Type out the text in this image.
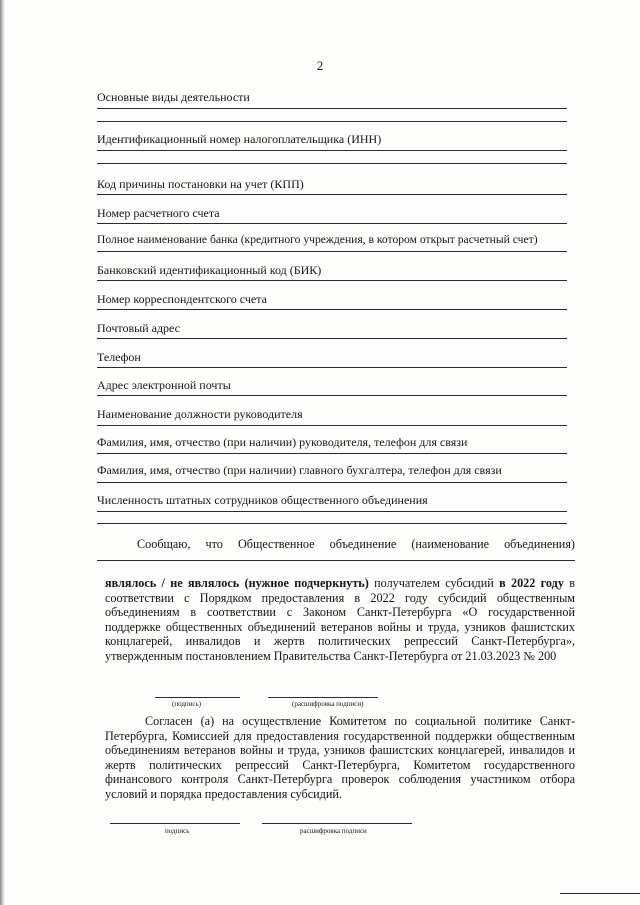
2
Основные виды деятельности
Идентификационный номер налогоплательщика (ИНН)
Код причины постановки на учет (КПП)
Номер расчетного счета
Полное наименование банка (кредитного учреждения, в котором открыт расчетный счет)
Банковский идентификационный код (БИК)
Номер корреспондентского счета
Почтовый адрес
Телефон
Адрес электронной почты
Наименование должности руководителя
Фамилия, имя, отчество (при наличии) руководителя, телефон для связи
Фамилия, имя, отчество (при наличии) главного бухгалтера, телефон для связи
Численность штатных сотрудников общественного объединения
Сообщаю, что Общественное объединение (наименование объединения)
являлось / не являлось (нужное подчеркнуть) получателем субсидий в 2022 году в соответствии с Порядком предоставления в 2022 году субсидий общественным объединениям в соответствии с Законом Санкт-Петербурга «О государственной поддержке общественных объединений ветеранов войны и труда, узников фашистских концлагерей, инвалидов и жертв политических репрессий Санкт-Петербурга», утвержденным постановлением Правительства Санкт-Петербурга от 21.03.2023 № 200
(подпись)	(расшифровка подписи)
Согласен (а) на осуществление Комитетом по социальной политике Санкт-Петербурга, Комиссией для предоставления государственной поддержки общественным объединениям ветеранов войны и труда, узников фашистских концлагерей, инвалидов и жертв политических репрессий Санкт-Петербурга, Комитетом государственного финансового контроля Санкт-Петербурга проверок соблюдения участником отбора условий и порядка предоставления субсидий.
подпись	расшифровка подписи
